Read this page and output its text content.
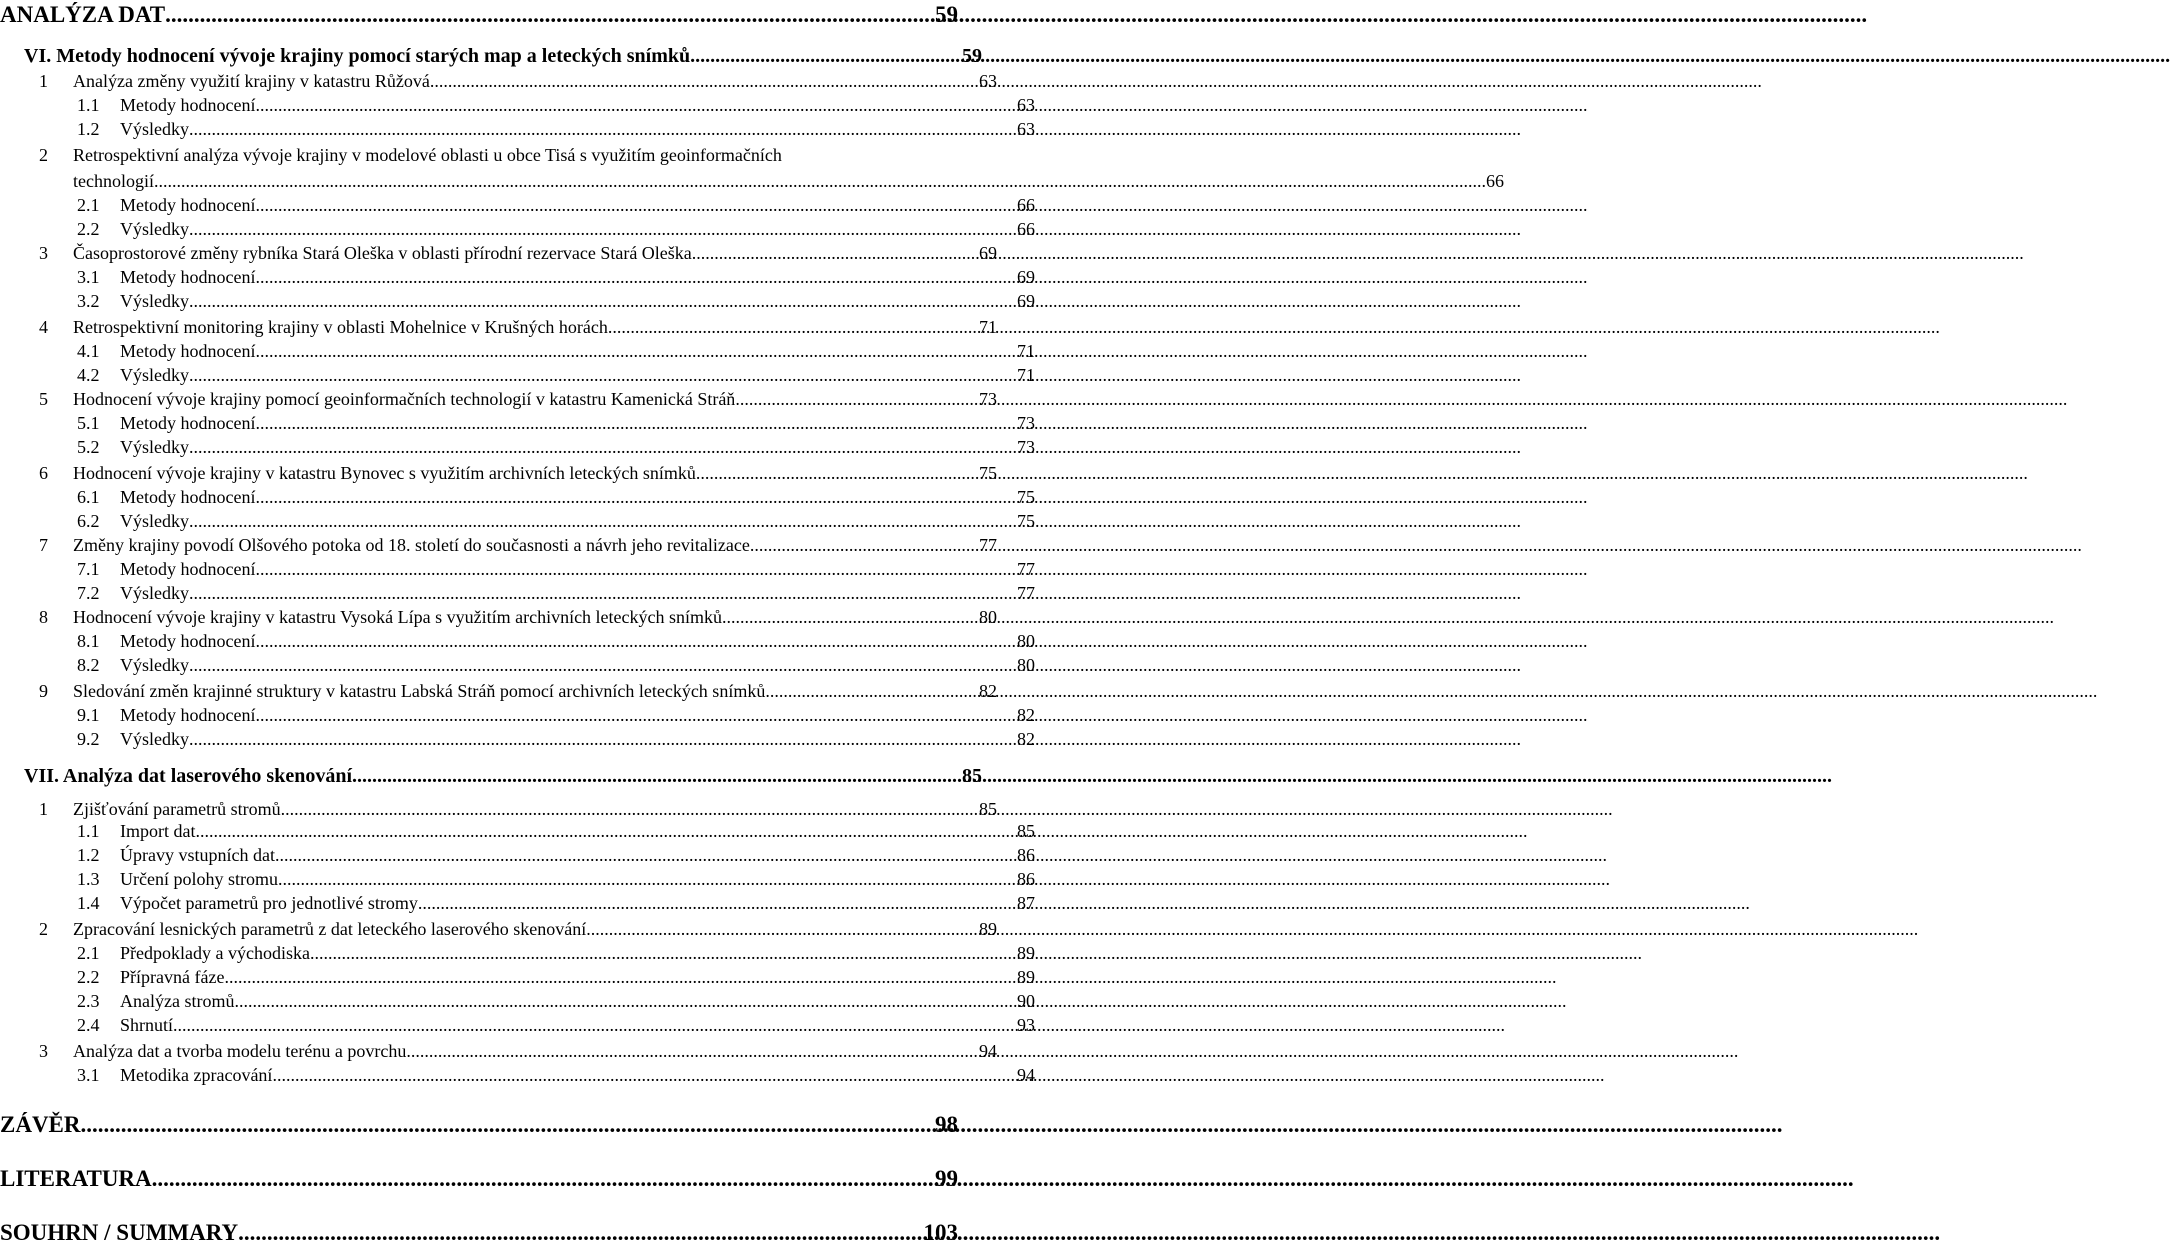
ANALÝZA DAT .....	59
VI. Metody hodnocení vývoje krajiny pomocí starých map a leteckých snímků .....	59
1	Analýza změny využití krajiny v katastru Růžová .....	63
1.1	Metody hodnocení .....	63
1.2	Výsledky .....	63
2	Retrospektivní analýza vývoje krajiny v modelové oblasti u obce Tisá s využitím geoinformačních
technologií .....	66
2.1	Metody hodnocení .....	66
2.2	Výsledky .....	66
3	Časoprostorové změny rybníka Stará Oleška v oblasti přírodní rezervace Stará Oleška .....	69
3.1	Metody hodnocení .....	69
3.2	Výsledky .....	69
4	Retrospektivní monitoring krajiny v oblasti Mohelnice v Krušných horách .....	71
4.1	Metody hodnocení .....	71
4.2	Výsledky .....	71
5	Hodnocení vývoje krajiny pomocí geoinformačních technologií v katastru Kamenická Stráň .....	73
5.1	Metody hodnocení .....	73
5.2	Výsledky .....	73
6	Hodnocení vývoje krajiny v katastru Bynovec s využitím archivních leteckých snímků .....	75
6.1	Metody hodnocení .....	75
6.2	Výsledky .....	75
7	Změny krajiny povodí Olšového potoka od 18. století do současnosti a návrh jeho revitalizace .....	77
7.1	Metody hodnocení .....	77
7.2	Výsledky .....	77
8	Hodnocení vývoje krajiny v katastru Vysoká Lípa s využitím archivních leteckých snímků .....	80
8.1	Metody hodnocení .....	80
8.2	Výsledky .....	80
9	Sledování změn krajinné struktury v katastru Labská Stráň pomocí archivních leteckých snímků .....	82
9.1	Metody hodnocení .....	82
9.2	Výsledky .....	82
VII. Analýza dat laserového skenování .....	85
1	Zjišťování parametrů stromů .....	85
1.1	Import dat .....	85
1.2	Úpravy vstupních dat .....	86
1.3	Určení polohy stromu .....	86
1.4	Výpočet parametrů pro jednotlivé stromy .....	87
2	Zpracování lesnických parametrů z dat leteckého laserového skenování .....	89
2.1	Předpoklady a východiska .....	89
2.2	Přípravná fáze .....	89
2.3	Analýza stromů .....	90
2.4	Shrnutí .....	93
3	Analýza dat a tvorba modelu terénu a povrchu .....	94
3.1	Metodika zpracování .....	94
ZÁVĚR .....	98
LITERATURA .....	99
SOUHRN / SUMMARY .....	103
